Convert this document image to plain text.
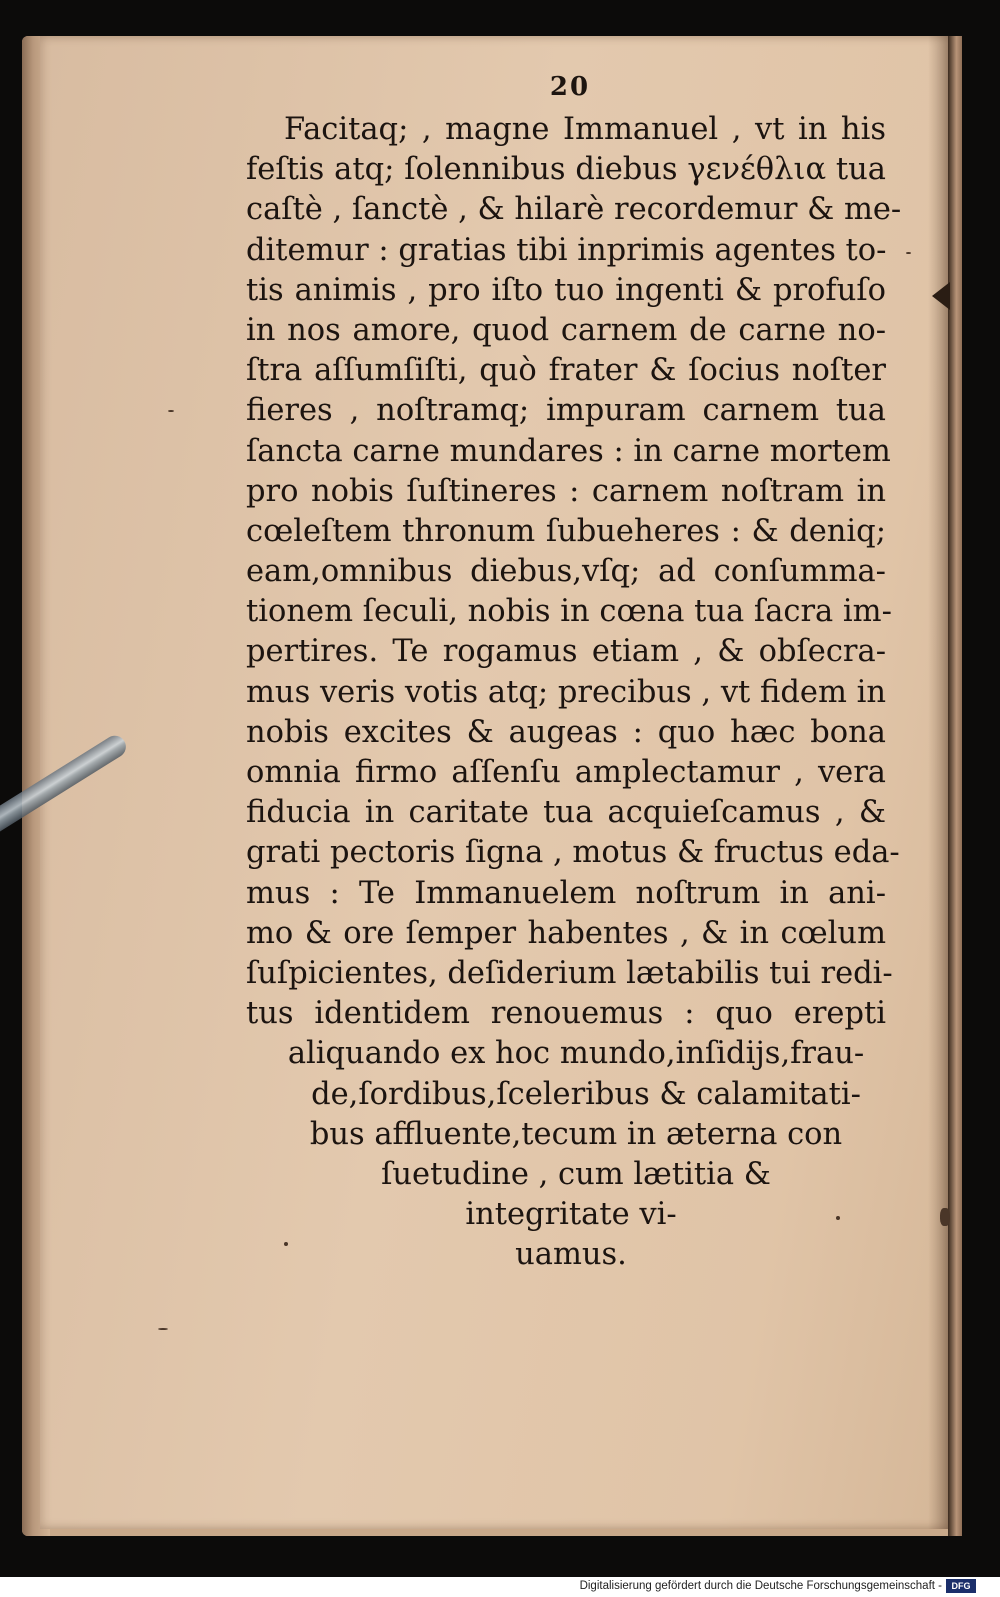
20
Facitaq; , magne Immanuel , vt in his
feſtis atq; ſolennibus diebus γενέθλια tua
caſtè , ſanctè , & hilarè recordemur & me-
ditemur : gratias tibi inprimis agentes to-
tis animis , pro iſto tuo ingenti & profuſo
in nos amore, quod carnem de carne no-
ſtra aſſumſiſti, quò frater & ſocius noſter
fieres , noſtramq; impuram carnem tua
ſancta carne mundares : in carne mortem
pro nobis ſuſtineres : carnem noſtram in
cœleſtem thronum ſubueheres : & deniq;
eam,omnibus diebus,vſq; ad conſumma-
tionem ſeculi, nobis in cœna tua ſacra im-
pertires. Te rogamus etiam , & obſecra-
mus veris votis atq; precibus , vt fidem in
nobis excites & augeas : quo hæc bona
omnia firmo aſſenſu amplectamur , vera
fiducia in caritate tua acquieſcamus , &
grati pectoris ſigna , motus & fructus eda-
mus : Te Immanuelem noſtrum in ani-
mo & ore ſemper habentes , & in cœlum
ſuſpicientes, deſiderium lætabilis tui redi-
tus identidem renouemus : quo erepti
aliquando ex hoc mundo,inſidijs,frau-
de,ſordibus,ſceleribus & calamitati-
bus affluente,tecum in æterna con
ſuetudine , cum lætitia &
integritate vi-
uamus.
Digitalisierung gefördert durch die Deutsche Forschungsgemeinschaft -	DFG
